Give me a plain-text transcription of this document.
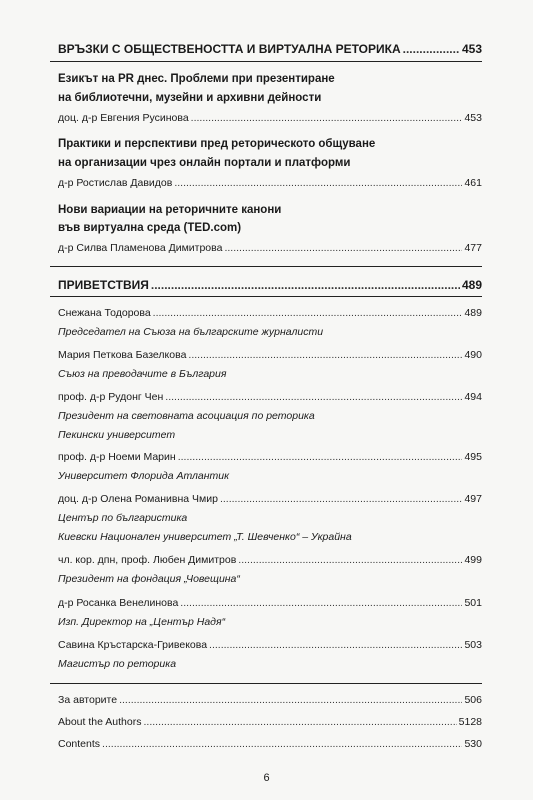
ВРЪЗКИ С ОБЩЕСТВЕНОСТТА И ВИРТУАЛНА РЕТОРИКА .....	453
Езикът на PR днес. Проблеми при презентиране
на библиотечни, музейни и архивни дейности
доц. д-р Евгения Русинова .....	453
Практики и перспективи пред реторическото общуване
на организации чрез онлайн портали и платформи
д-р Ростислав Давидов .....	461
Нови вариации на реторичните канони
във виртуална среда (TED.com)
д-р Силва Пламенова Димитрова .....	477
ПРИВЕТСТВИЯ .....	489
Снежана Тодорова .....	489
Председател на Съюза на българските журналисти
Мария Петкова Базелкова .....	490
Съюз на преводачите в България
проф. д-р Рудонг Чен .....	494
Президент на световната асоциация по реторика
Пекински университет
проф. д-р Ноеми Марин .....	495
Университет Флорида Атлантик
доц. д-р Олена Романивна Чмир .....	497
Център по българистика
Киевски Национален университет „Т. Шевченко“ – Украйна
чл. кор. дпн, проф. Любен Димитров .....	499
Президент на фондация „Човещина“
д-р Росанка Венелинова .....	501
Изп. Директор на „Център Надя“
Савина Кръстарска-Гривекова .....	503
Магистър по реторика
За авторите .....	506
About the Authors .....	5128
Contents .....	530
6
